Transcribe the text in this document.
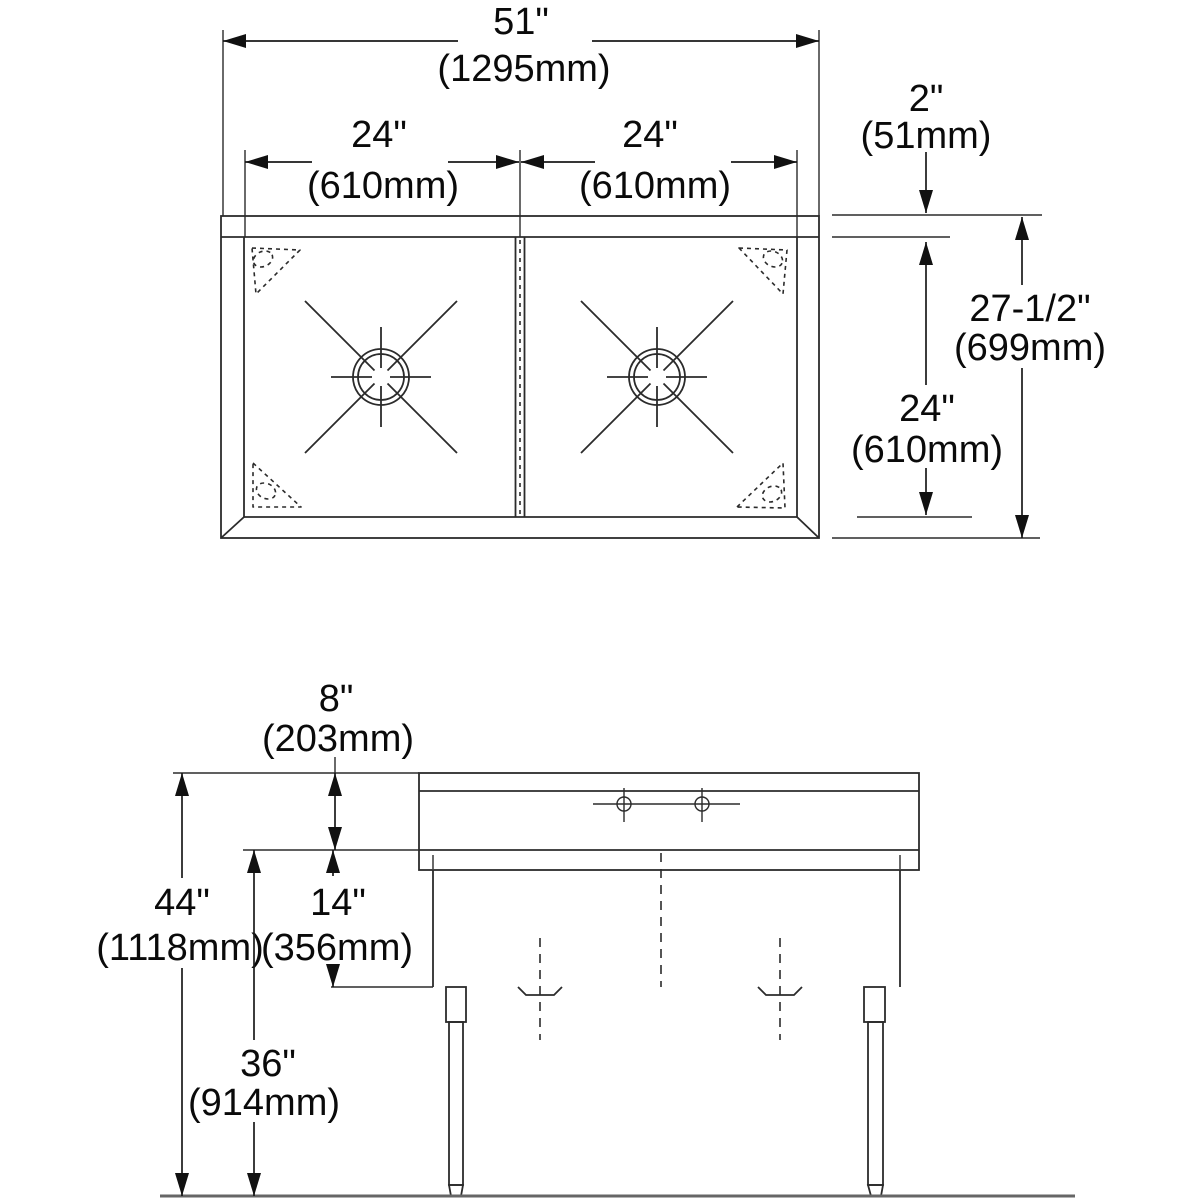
51"
(1295mm)
24"
(610mm)
24"
(610mm)
2"
(51mm)
27-1/2"
(699mm)
24"
(610mm)
8"
(203mm)
44"
(1118mm)
14"
(356mm)
36"
(914mm)
